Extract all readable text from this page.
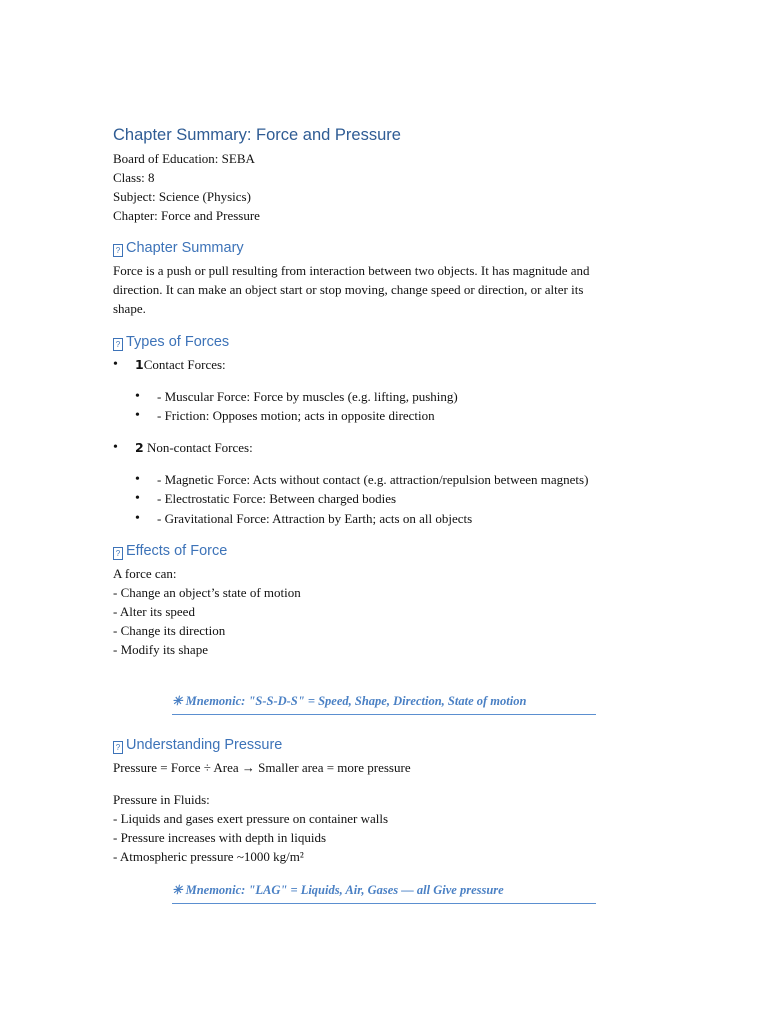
Chapter Summary: Force and Pressure
Board of Education: SEBA
Class: 8
Subject: Science (Physics)
Chapter: Force and Pressure
? Chapter Summary
Force is a push or pull resulting from interaction between two objects. It has magnitude and
direction. It can make an object start or stop moving, change speed or direction, or alter its
shape.
? Types of Forces
• 1Contact Forces:
• - Muscular Force: Force by muscles (e.g. lifting, pushing)
• - Friction: Opposes motion; acts in opposite direction
• 2 Non-contact Forces:
• - Magnetic Force: Acts without contact (e.g. attraction/repulsion between magnets)
• - Electrostatic Force: Between charged bodies
• - Gravitational Force: Attraction by Earth; acts on all objects
? Effects of Force
A force can:
- Change an object’s state of motion
- Alter its speed
- Change its direction
- Modify its shape
✳ Mnemonic: "S-S-D-S" = Speed, Shape, Direction, State of motion
? Understanding Pressure
Pressure = Force ÷ Area → Smaller area = more pressure
Pressure in Fluids:
- Liquids and gases exert pressure on container walls
- Pressure increases with depth in liquids
- Atmospheric pressure ~1000 kg/m²
✳ Mnemonic: "LAG" = Liquids, Air, Gases — all Give pressure
